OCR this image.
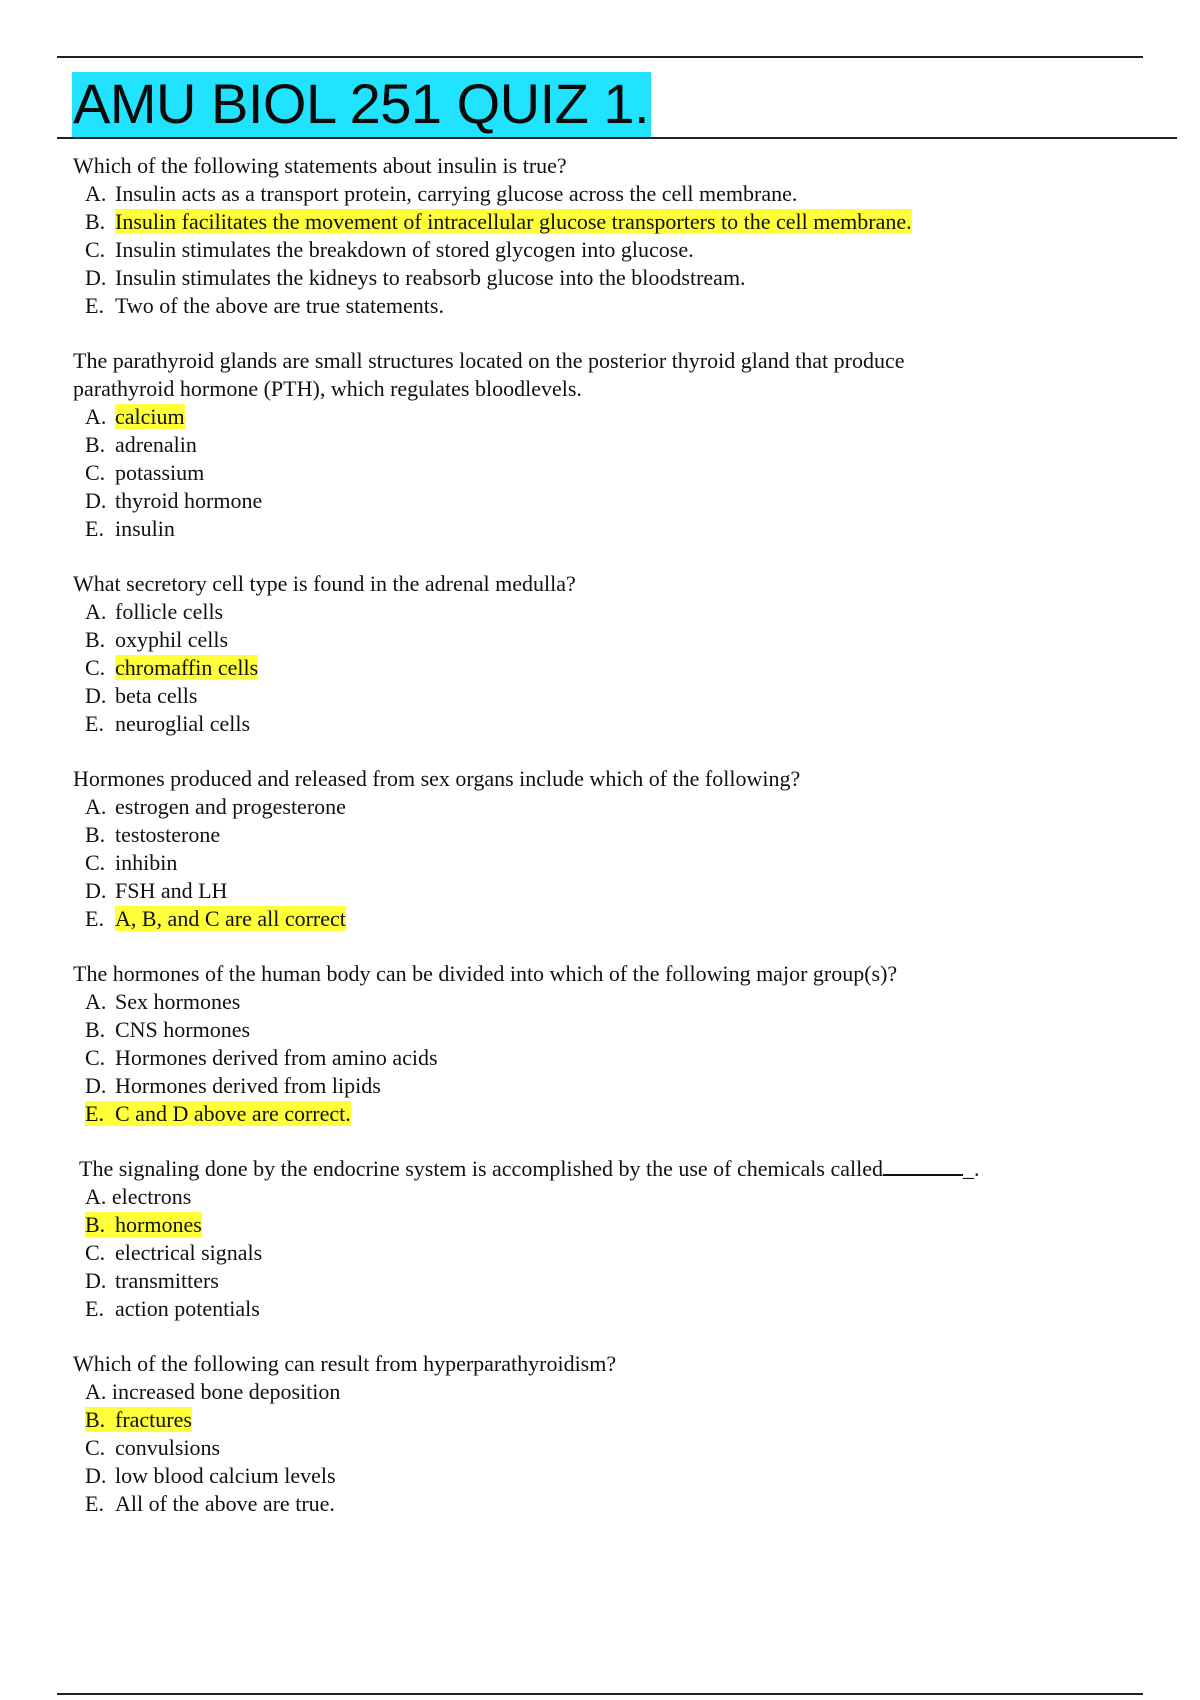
AMU BIOL 251 QUIZ 1.
Which of the following statements about insulin is true?
A. Insulin acts as a transport protein, carrying glucose across the cell membrane.
B. Insulin facilitates the movement of intracellular glucose transporters to the cell membrane.
C. Insulin stimulates the breakdown of stored glycogen into glucose.
D. Insulin stimulates the kidneys to reabsorb glucose into the bloodstream.
E. Two of the above are true statements.
The parathyroid glands are small structures located on the posterior thyroid gland that produce
parathyroid hormone (PTH), which regulates bloodlevels.
A. calcium
B. adrenalin
C. potassium
D. thyroid hormone
E. insulin
What secretory cell type is found in the adrenal medulla?
A. follicle cells
B. oxyphil cells
C. chromaffin cells
D. beta cells
E. neuroglial cells
Hormones produced and released from sex organs include which of the following?
A. estrogen and progesterone
B. testosterone
C. inhibin
D. FSH and LH
E. A, B, and C are all correct
The hormones of the human body can be divided into which of the following major group(s)?
A. Sex hormones
B. CNS hormones
C. Hormones derived from amino acids
D. Hormones derived from lipids
E. C and D above are correct.
The signaling done by the endocrine system is accomplished by the use of chemicals called	_.
A. electrons
B. hormones
C. electrical signals
D. transmitters
E. action potentials
Which of the following can result from hyperparathyroidism?
A. increased bone deposition
B. fractures
C. convulsions
D. low blood calcium levels
E. All of the above are true.
